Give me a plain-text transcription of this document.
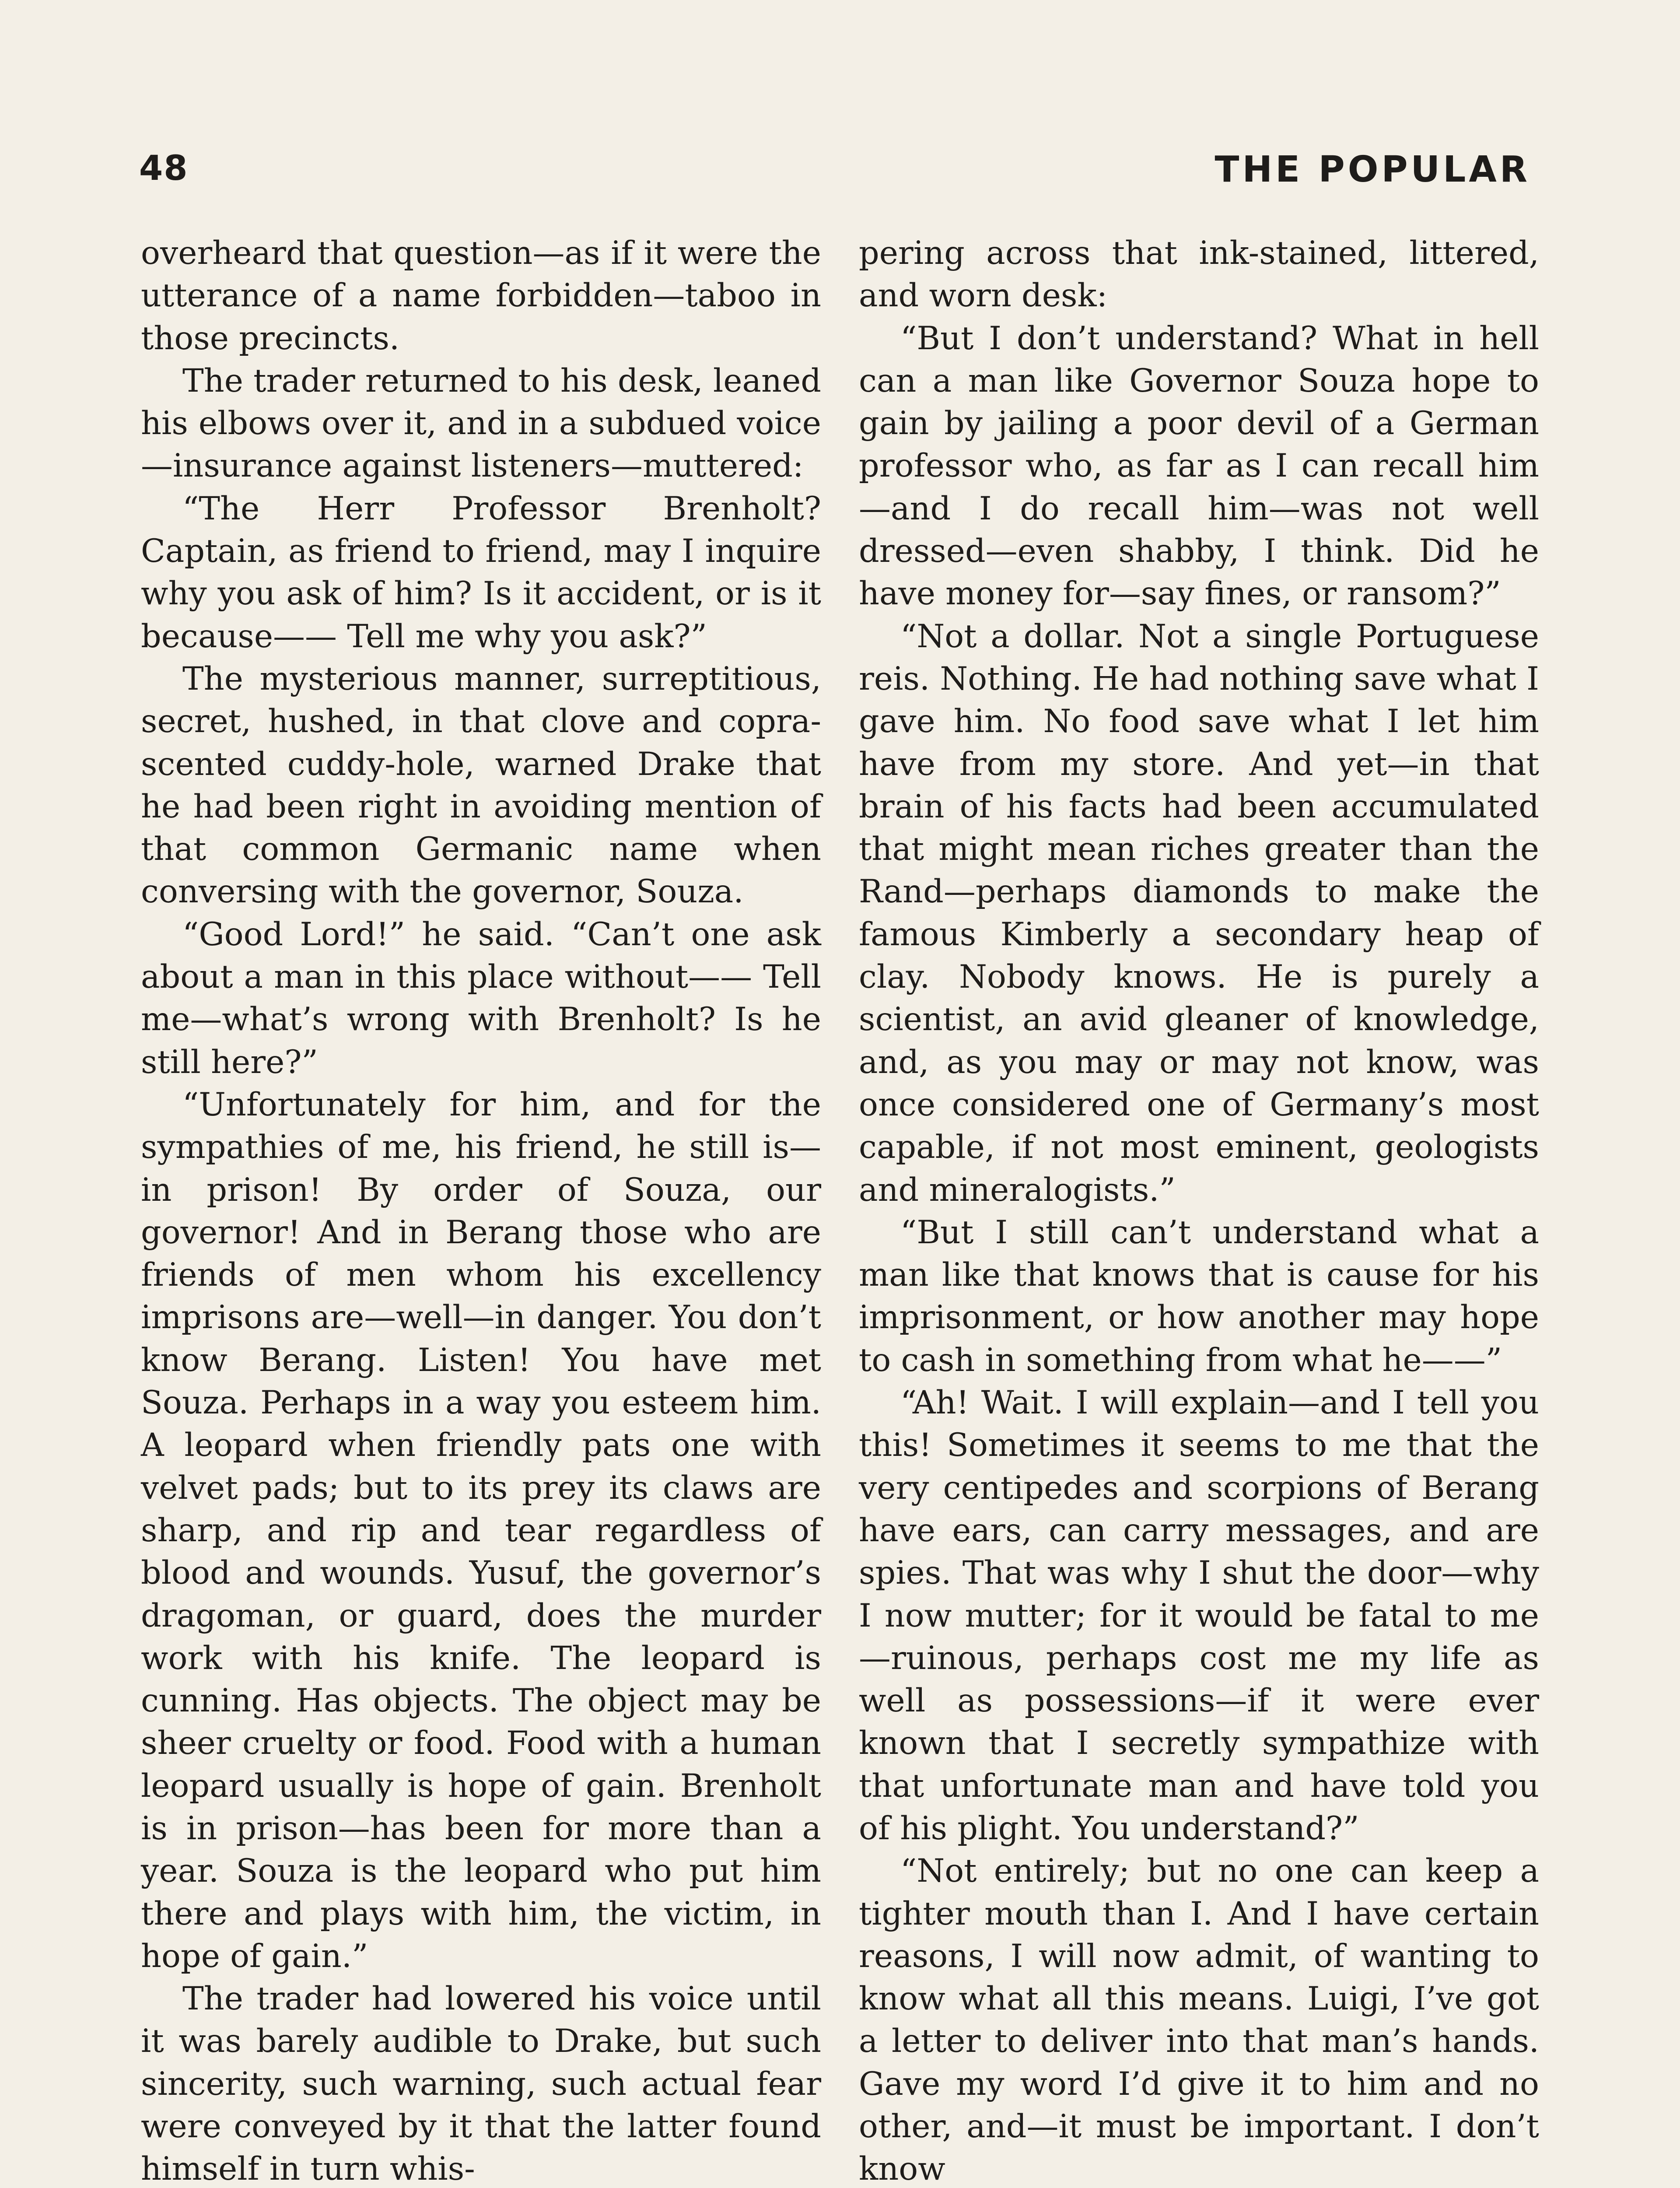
48	THE POPULAR

overheard that question—as if it were the utterance of a name forbidden—taboo in those precincts.

The trader returned to his desk, leaned his elbows over it, and in a subdued voice—insurance against listeners—muttered:

“The Herr Professor Brenholt? Captain, as friend to friend, may I inquire why you ask of him? Is it accident, or is it because—— Tell me why you ask?”

The mysterious manner, surreptitious, secret, hushed, in that clove and copra-scented cuddy-hole, warned Drake that he had been right in avoiding mention of that common Germanic name when conversing with the governor, Souza.

“Good Lord!” he said. “Can’t one ask about a man in this place without—— Tell me—what’s wrong with Brenholt? Is he still here?”

“Unfortunately for him, and for the sympathies of me, his friend, he still is—in prison! By order of Souza, our governor! And in Berang those who are friends of men whom his excellency imprisons are—well—in danger. You don’t know Berang. Listen! You have met Souza. Perhaps in a way you esteem him. A leopard when friendly pats one with velvet pads; but to its prey its claws are sharp, and rip and tear regardless of blood and wounds. Yusuf, the governor’s dragoman, or guard, does the murder work with his knife. The leopard is cunning. Has objects. The object may be sheer cruelty or food. Food with a human leopard usually is hope of gain. Brenholt is in prison—has been for more than a year. Souza is the leopard who put him there and plays with him, the victim, in hope of gain.”

The trader had lowered his voice until it was barely audible to Drake, but such sincerity, such warning, such actual fear were conveyed by it that the latter found himself in turn whis-

pering across that ink-stained, littered, and worn desk:

“But I don’t understand? What in hell can a man like Governor Souza hope to gain by jailing a poor devil of a German professor who, as far as I can recall him—and I do recall him—was not well dressed—even shabby, I think. Did he have money for—say fines, or ransom?”

“Not a dollar. Not a single Portuguese reis. Nothing. He had nothing save what I gave him. No food save what I let him have from my store. And yet—in that brain of his facts had been accumulated that might mean riches greater than the Rand—perhaps diamonds to make the famous Kimberly a secondary heap of clay. Nobody knows. He is purely a scientist, an avid gleaner of knowledge, and, as you may or may not know, was once considered one of Germany’s most capable, if not most eminent, geologists and mineralogists.”

“But I still can’t understand what a man like that knows that is cause for his imprisonment, or how another may hope to cash in something from what he——”

“Ah! Wait. I will explain—and I tell you this! Sometimes it seems to me that the very centipedes and scorpions of Berang have ears, can carry messages, and are spies. That was why I shut the door—why I now mutter; for it would be fatal to me—ruinous, perhaps cost me my life as well as possessions—if it were ever known that I secretly sympathize with that unfortunate man and have told you of his plight. You understand?”

“Not entirely; but no one can keep a tighter mouth than I. And I have certain reasons, I will now admit, of wanting to know what all this means. Luigi, I’ve got a letter to deliver into that man’s hands. Gave my word I’d give it to him and no other, and—it must be important. I don’t know
